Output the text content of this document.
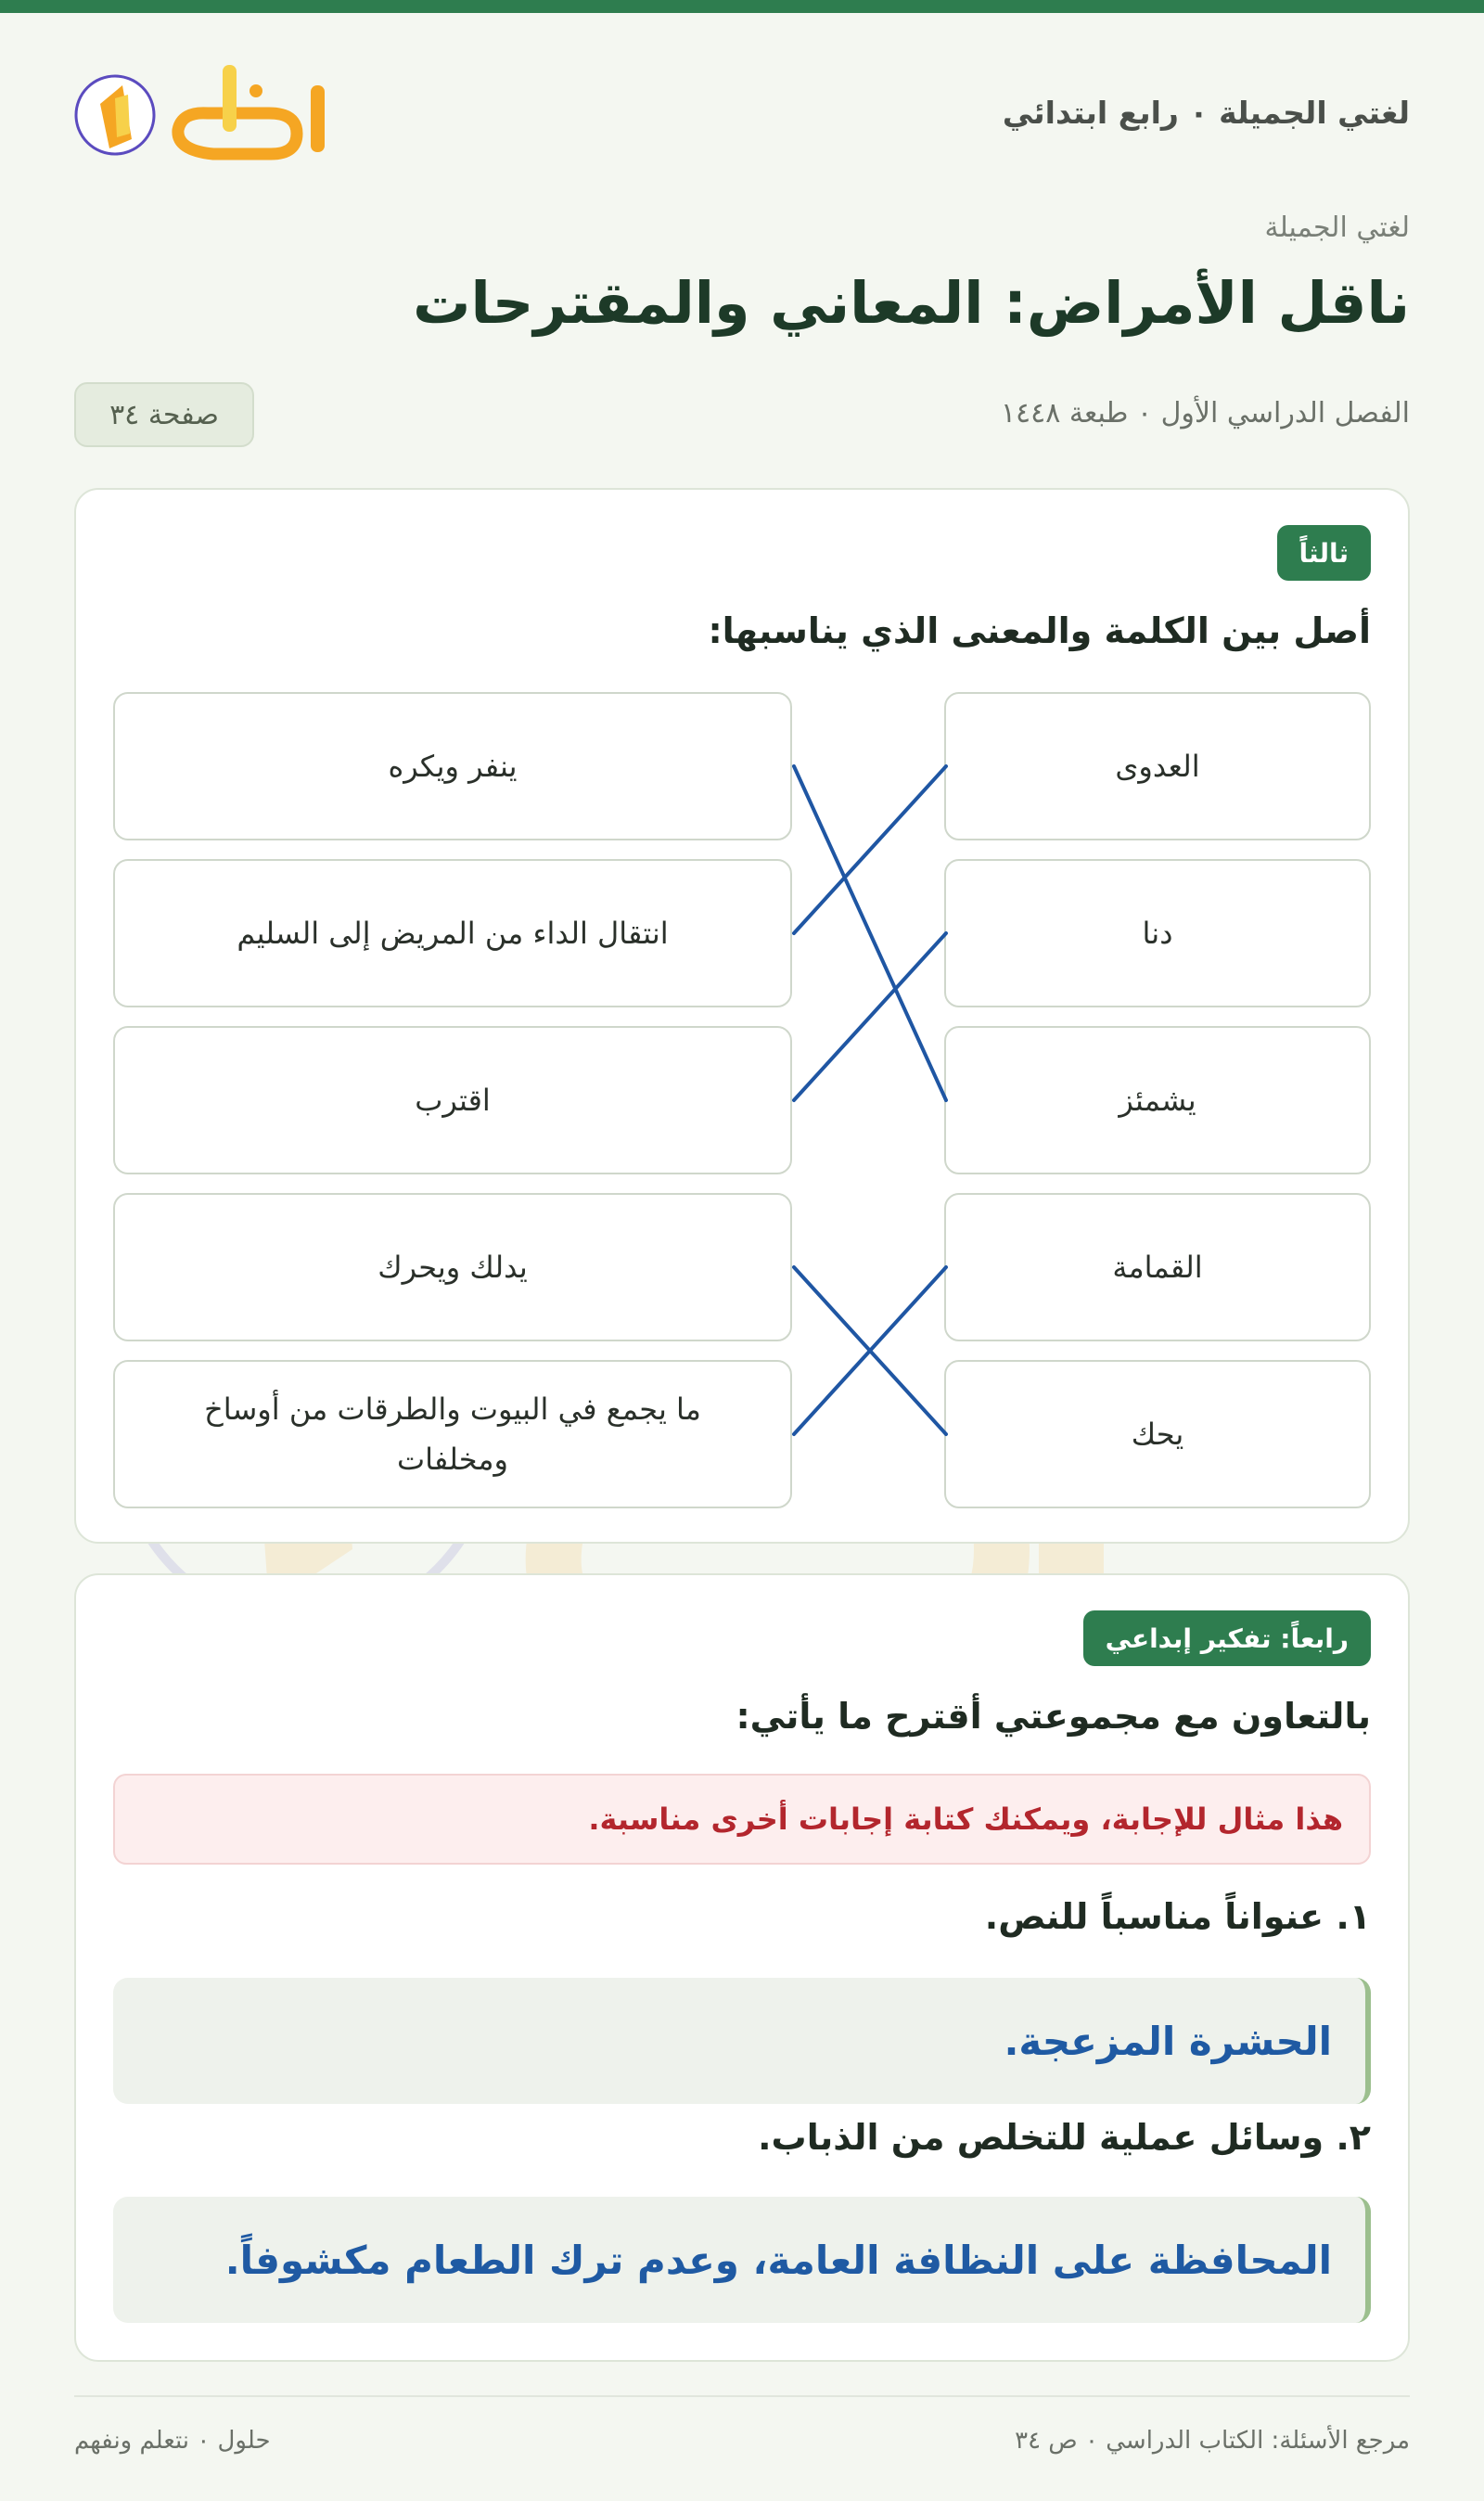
لغتي الجميلة ٠ رابع ابتدائي
لغتي الجميلة
ناقل الأمراض: المعاني والمقترحات
الفصل الدراسي الأول ٠ طبعة ١٤٤٨
صفحة ٣٤
ثالثاً
أصل بين الكلمة والمعنى الذي يناسبها:
العدوى
دنا
يشمئز
القمامة
يحك
ينفر ويكره
انتقال الداء من المريض إلى السليم
اقترب
يدلك ويحرك
ما يجمع في البيوت والطرقات من أوساخ ومخلفات
رابعاً: تفكير إبداعي
بالتعاون مع مجموعتي أقترح ما يأتي:
هذا مثال للإجابة، ويمكنك كتابة إجابات أخرى مناسبة.
١. عنواناً مناسباً للنص.
الحشرة المزعجة.
٢. وسائل عملية للتخلص من الذباب.
المحافظة على النظافة العامة، وعدم ترك الطعام مكشوفاً.
مرجع الأسئلة: الكتاب الدراسي ٠ ص ٣٤
حلول ٠ نتعلم ونفهم
